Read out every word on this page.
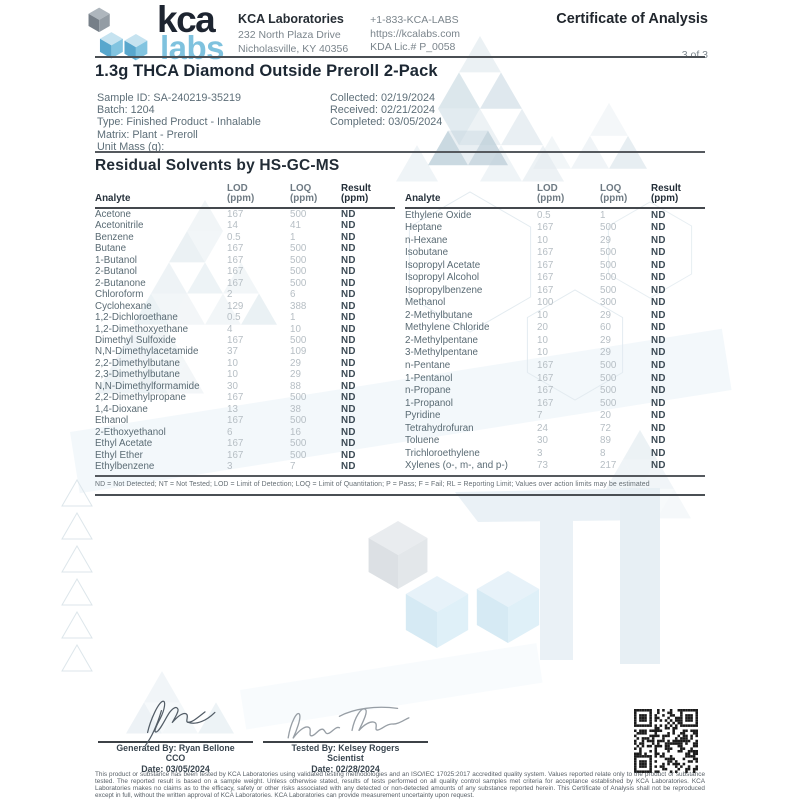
kca
labs
KCA Laboratories
232 North Plaza Drive
Nicholasville, KY 40356
+1-833-KCA-LABS
https://kcalabs.com
KDA Lic.# P_0058
Certificate of Analysis
3 of 3
1.3g THCA Diamond Outside Preroll 2-Pack
Sample ID: SA-240219-35219
Batch: 1204
Type: Finished Product - Inhalable
Matrix: Plant - Preroll
Unit Mass (g):
Collected: 02/19/2024
Received: 02/21/2024
Completed: 03/05/2024
Residual Solvents by HS-GC-MS
Analyte	
LOD
(ppm)

LOQ
(ppm)

Result
(ppm)

Acetone	167	500	ND
Acetonitrile	14	41	ND
Benzene	0.5	1	ND
Butane	167	500	ND
1-Butanol	167	500	ND
2-Butanol	167	500	ND
2-Butanone	167	500	ND
Chloroform	2	6	ND
Cyclohexane	129	388	ND
1,2-Dichloroethane	0.5	1	ND
1,2-Dimethoxyethane	4	10	ND
Dimethyl Sulfoxide	167	500	ND
N,N-Dimethylacetamide	37	109	ND
2,2-Dimethylbutane	10	29	ND
2,3-Dimethylbutane	10	29	ND
N,N-Dimethylformamide	30	88	ND
2,2-Dimethylpropane	167	500	ND
1,4-Dioxane	13	38	ND
Ethanol	167	500	ND
2-Ethoxyethanol	6	16	ND
Ethyl Acetate	167	500	ND
Ethyl Ether	167	500	ND
Ethylbenzene	3	7	ND
Analyte	
LOD
(ppm)

LOQ
(ppm)

Result
(ppm)

Ethylene Oxide	0.5	1	ND
Heptane	167	500	ND
n-Hexane	10	29	ND
Isobutane	167	500	ND
Isopropyl Acetate	167	500	ND
Isopropyl Alcohol	167	500	ND
Isopropylbenzene	167	500	ND
Methanol	100	300	ND
2-Methylbutane	10	29	ND
Methylene Chloride	20	60	ND
2-Methylpentane	10	29	ND
3-Methylpentane	10	29	ND
n-Pentane	167	500	ND
1-Pentanol	167	500	ND
n-Propane	167	500	ND
1-Propanol	167	500	ND
Pyridine	7	20	ND
Tetrahydrofuran	24	72	ND
Toluene	30	89	ND
Trichloroethylene	3	8	ND
Xylenes (o-, m-, and p-)	73	217	ND
ND = Not Detected; NT = Not Tested; LOD = Limit of Detection; LOQ = Limit of Quantitation; P = Pass; F = Fail; RL = Reporting Limit; Values over action limits may be estimated
Generated By: Ryan Bellone
CCO
Date: 03/05/2024
Tested By: Kelsey Rogers
Scientist
Date: 02/28/2024
This product or substance has been tested by KCA Laboratories using validated testing methodologies and an ISO/IEC 17025:2017 accredited quality system. Values reported relate only to the product or substance tested. The reported result is based on a sample weight. Unless otherwise stated, results of tests performed on all quality control samples met criteria for acceptance established by KCA Laboratories. KCA Laboratories makes no claims as to the efficacy, safety or other risks associated with any detected or non-detected amounts of any substance reported herein. This Certificate of Analysis shall not be reproduced except in full, without the written approval of KCA Laboratories. KCA Laboratories can provide measurement uncertainty upon request.
